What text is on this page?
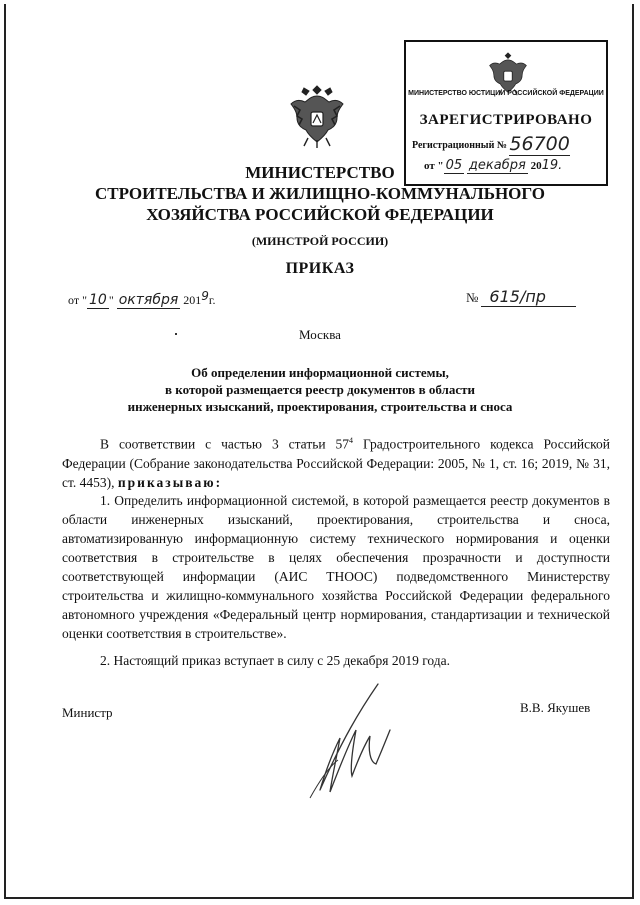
МИНИСТЕРСТВО ЮСТИЦИИ РОССИЙСКОЙ ФЕДЕРАЦИИ
ЗАРЕГИСТРИРОВАНО
Регистрационный № 56700
от " 05 декабря 2019.
МИНИСТЕРСТВО
СТРОИТЕЛЬСТВА И ЖИЛИЩНО-КОММУНАЛЬНОГО
ХОЗЯЙСТВА РОССИЙСКОЙ ФЕДЕРАЦИИ
(МИНСТРОЙ РОССИИ)
ПРИКАЗ
от " 10 " октября 2019г.	№ 615/пр
Москва
Об определении информационной системы,
в которой размещается реестр документов в области
инженерных изысканий, проектирования, строительства и сноса
В соответствии с частью 3 статьи $57^4$ Градостроительного кодекса Российской Федерации (Собрание законодательства Российской Федерации: 2005, № 1, ст. 16; 2019, № 31, ст. 4453), приказываю:
1. Определить информационной системой, в которой размещается реестр документов в области инженерных изысканий, проектирования, строительства и сноса, автоматизированную информационную систему технического нормирования и оценки соответствия в строительстве в целях обеспечения прозрачности и доступности соответствующей информации (АИС ТНООС) подведомственного Министерству строительства и жилищно-коммунального хозяйства Российской Федерации федерального автономного учреждения «Федеральный центр нормирования, стандартизации и технической оценки соответствия в строительстве».
2. Настоящий приказ вступает в силу с 25 декабря 2019 года.
Министр	В.В. Якушев
